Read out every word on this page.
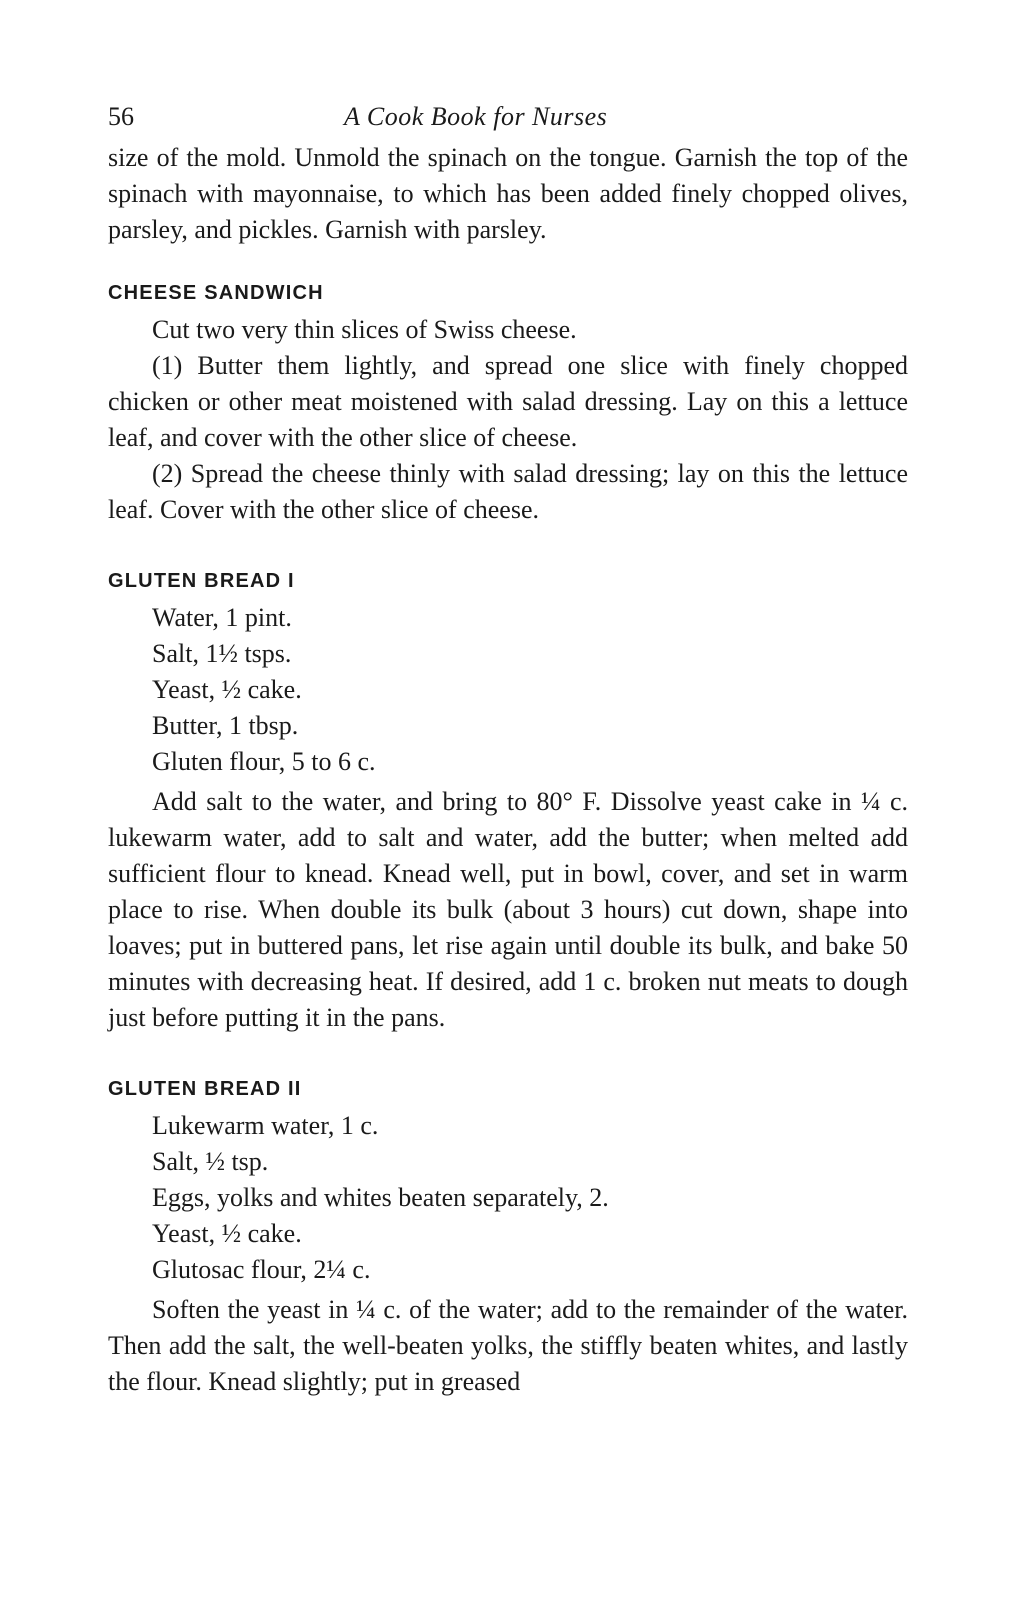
56	A Cook Book for Nurses

size of the mold. Unmold the spinach on the tongue. Garnish the top of the spinach with mayonnaise, to which has been added finely chopped olives, parsley, and pickles. Garnish with parsley.

CHEESE SANDWICH

Cut two very thin slices of Swiss cheese.

(1) Butter them lightly, and spread one slice with finely chopped chicken or other meat moistened with salad dressing. Lay on this a lettuce leaf, and cover with the other slice of cheese.

(2) Spread the cheese thinly with salad dressing; lay on this the lettuce leaf. Cover with the other slice of cheese.

GLUTEN BREAD I
Water, 1 pint.
Salt, 1½ tsps.
Yeast, ½ cake.
Butter, 1 tbsp.
Gluten flour, 5 to 6 c.

Add salt to the water, and bring to 80° F. Dissolve yeast cake in ¼ c. lukewarm water, add to salt and water, add the butter; when melted add sufficient flour to knead. Knead well, put in bowl, cover, and set in warm place to rise. When double its bulk (about 3 hours) cut down, shape into loaves; put in buttered pans, let rise again until double its bulk, and bake 50 minutes with decreasing heat. If desired, add 1 c. broken nut meats to dough just before putting it in the pans.

GLUTEN BREAD II
Lukewarm water, 1 c.
Salt, ½ tsp.
Eggs, yolks and whites beaten separately, 2.
Yeast, ½ cake.
Glutosac flour, 2¼ c.

Soften the yeast in ¼ c. of the water; add to the remainder of the water. Then add the salt, the well-beaten yolks, the stiffly beaten whites, and lastly the flour. Knead slightly; put in greased
